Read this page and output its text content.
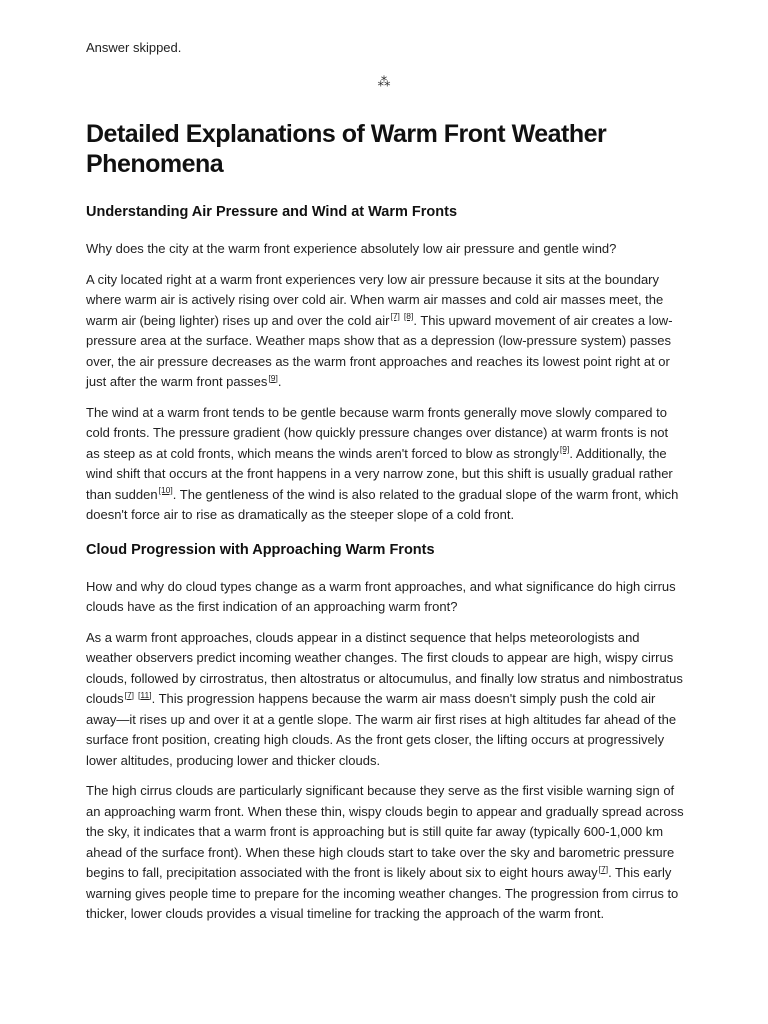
Answer skipped.
⁂
Detailed Explanations of Warm Front Weather Phenomena
Understanding Air Pressure and Wind at Warm Fronts

Why does the city at the warm front experience absolutely low air pressure and gentle wind?

A city located right at a warm front experiences very low air pressure because it sits at the boundary where warm air is actively rising over cold air. When warm air masses and cold air masses meet, the warm air (being lighter) rises up and over the cold air[7] [8]. This upward movement of air creates a low-pressure area at the surface. Weather maps show that as a depression (low-pressure system) passes over, the air pressure decreases as the warm front approaches and reaches its lowest point right at or just after the warm front passes[9].

The wind at a warm front tends to be gentle because warm fronts generally move slowly compared to cold fronts. The pressure gradient (how quickly pressure changes over distance) at warm fronts is not as steep as at cold fronts, which means the winds aren't forced to blow as strongly[9]. Additionally, the wind shift that occurs at the front happens in a very narrow zone, but this shift is usually gradual rather than sudden[10]. The gentleness of the wind is also related to the gradual slope of the warm front, which doesn't force air to rise as dramatically as the steeper slope of a cold front.

Cloud Progression with Approaching Warm Fronts

How and why do cloud types change as a warm front approaches, and what significance do high cirrus clouds have as the first indication of an approaching warm front?

As a warm front approaches, clouds appear in a distinct sequence that helps meteorologists and weather observers predict incoming weather changes. The first clouds to appear are high, wispy cirrus clouds, followed by cirrostratus, then altostratus or altocumulus, and finally low stratus and nimbostratus clouds[7] [11]. This progression happens because the warm air mass doesn't simply push the cold air away—it rises up and over it at a gentle slope. The warm air first rises at high altitudes far ahead of the surface front position, creating high clouds. As the front gets closer, the lifting occurs at progressively lower altitudes, producing lower and thicker clouds.

The high cirrus clouds are particularly significant because they serve as the first visible warning sign of an approaching warm front. When these thin, wispy clouds begin to appear and gradually spread across the sky, it indicates that a warm front is approaching but is still quite far away (typically 600-1,000 km ahead of the surface front). When these high clouds start to take over the sky and barometric pressure begins to fall, precipitation associated with the front is likely about six to eight hours away[7]. This early warning gives people time to prepare for the incoming weather changes. The progression from cirrus to thicker, lower clouds provides a visual timeline for tracking the approach of the warm front.
